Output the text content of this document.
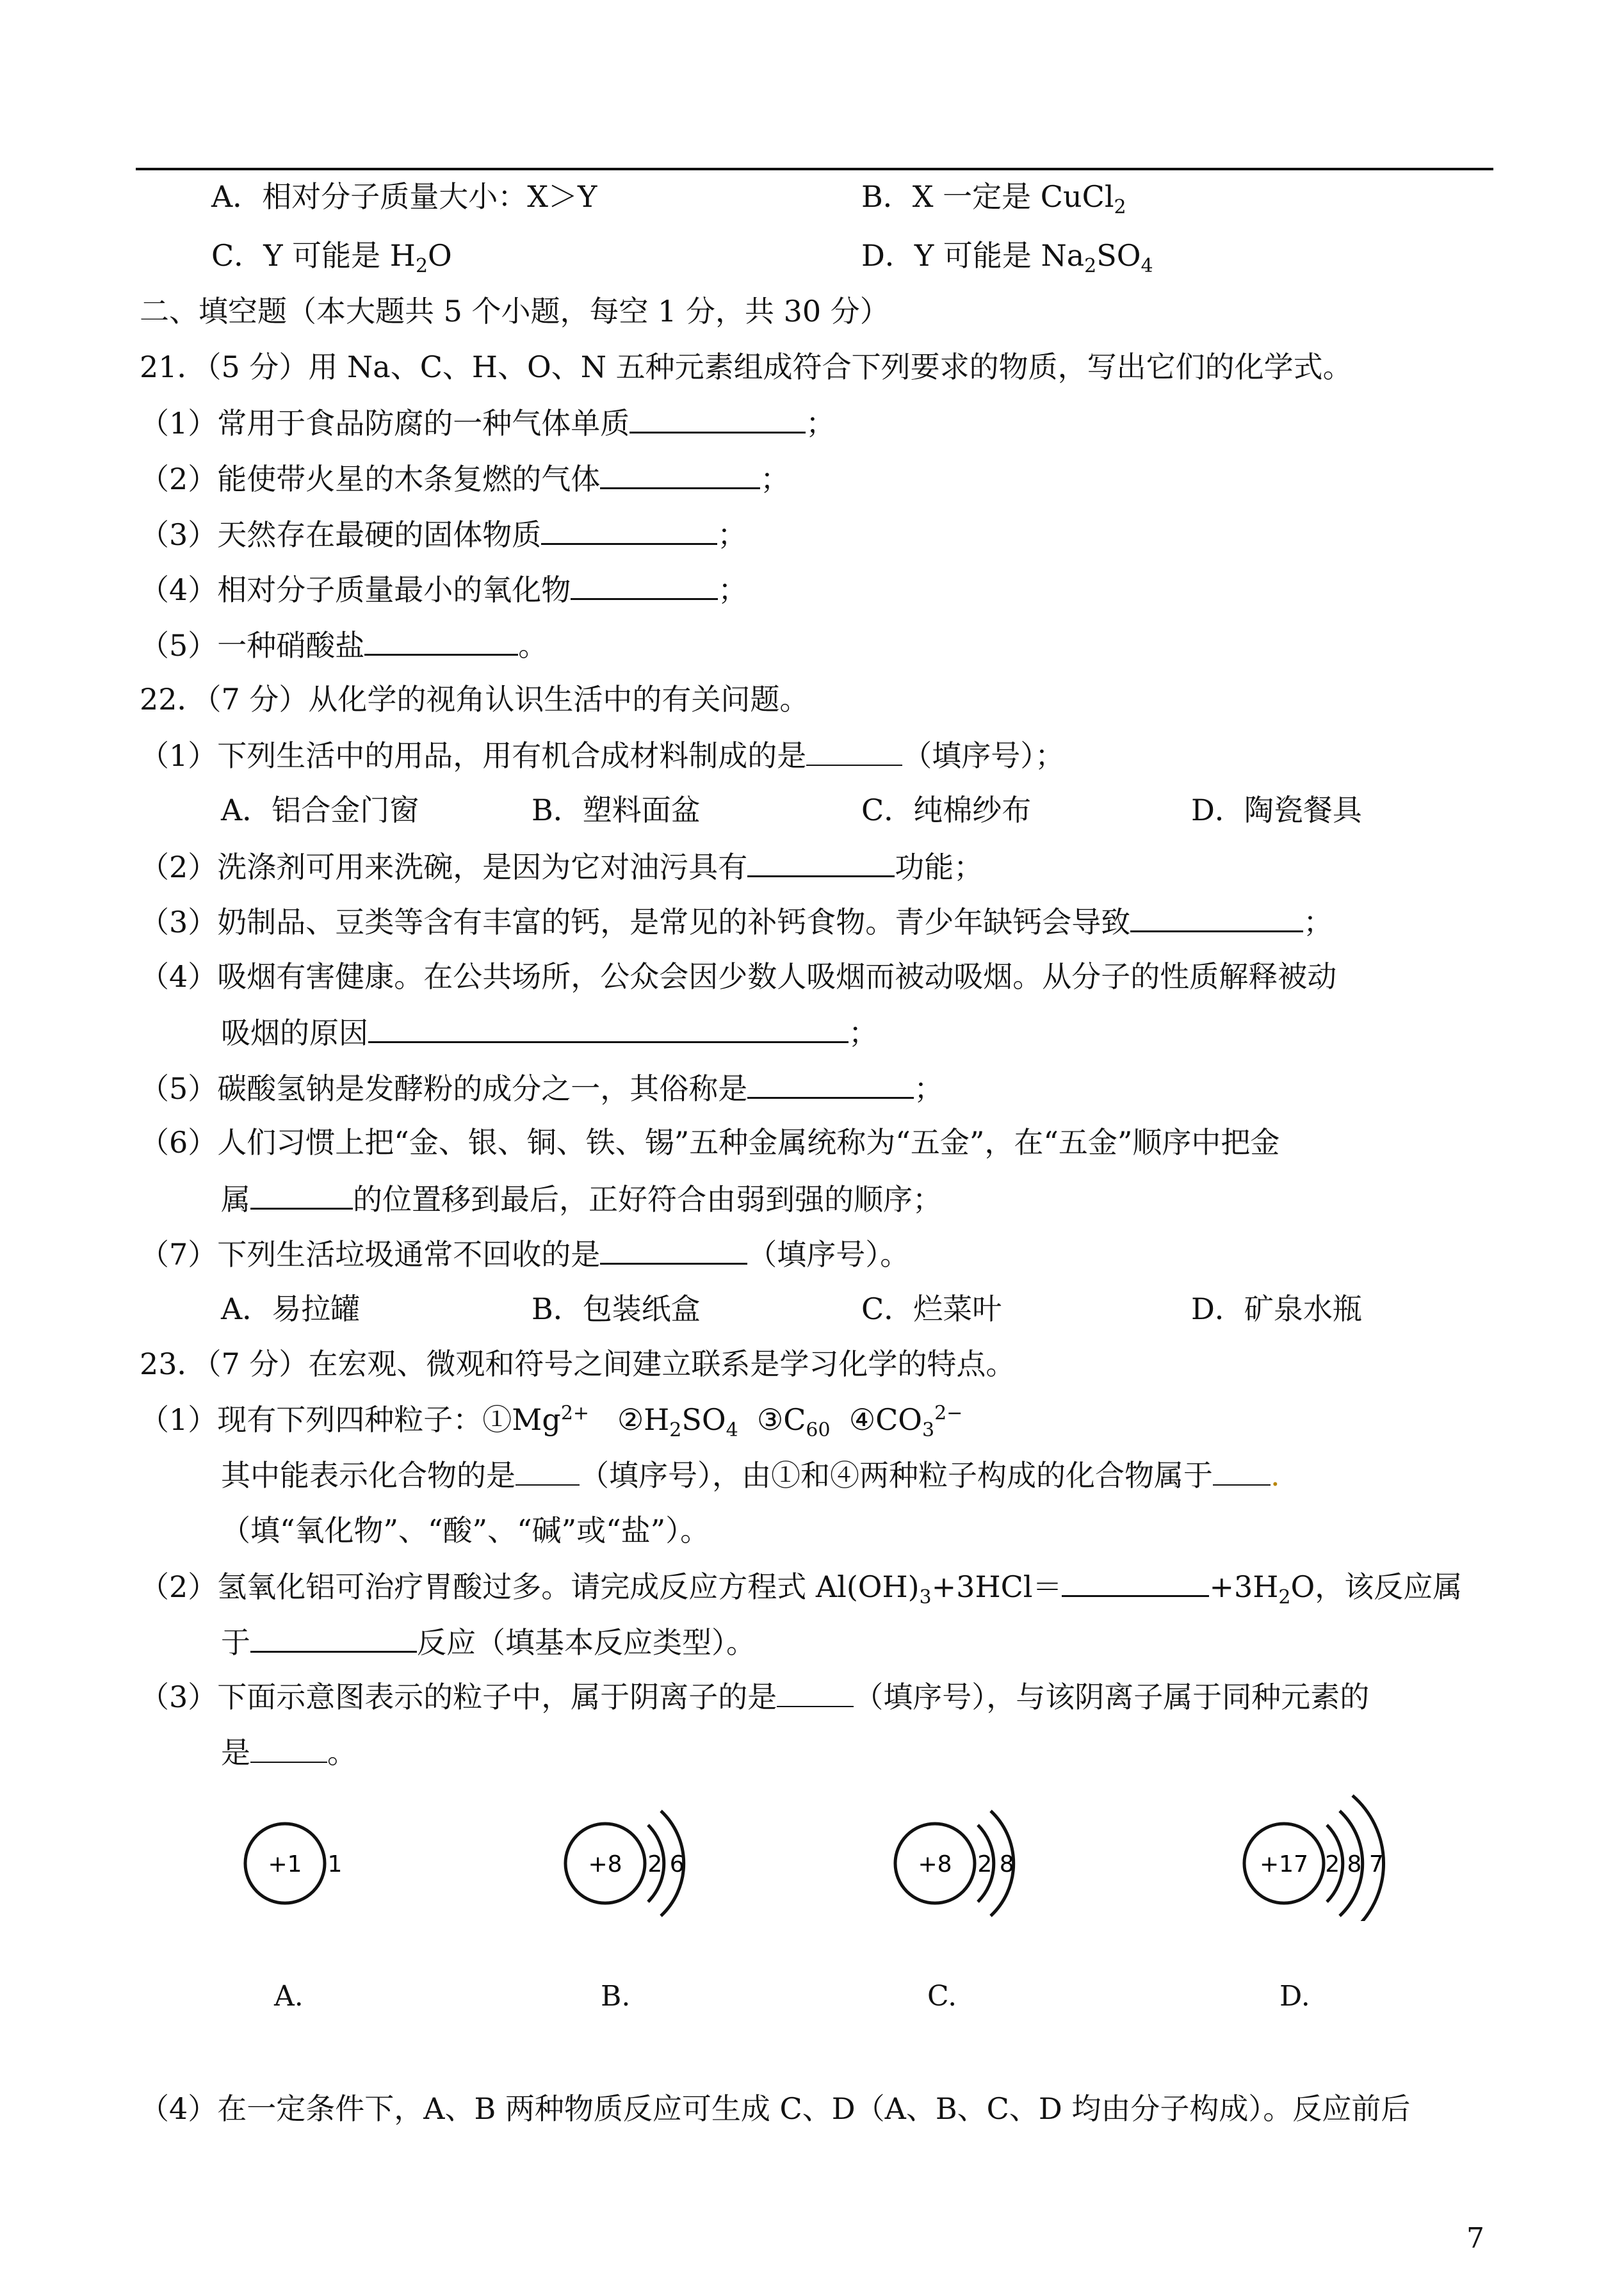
A．相对分子质量大小：X＞Y	B．X 一定是 CuCl$_2$
C．Y 可能是 $H_2O$	D．Y 可能是 $Na_2SO_4$
二、填空题（本大题共 5 个小题，每空 1 分，共 30 分）
21．（5 分）用 Na、C、H、O、N 五种元素组成符合下列要求的物质，写出它们的化学式。
（1）常用于食品防腐的一种气体单质	；
（2）能使带火星的木条复燃的气体	；
（3）天然存在最硬的固体物质	；
（4）相对分子质量最小的氧化物	；
（5）一种硝酸盐	。
22．（7 分）从化学的视角认识生活中的有关问题。
（1）下列生活中的用品，用有机合成材料制成的是	（填序号）；
A．铝合金门窗	B．塑料面盆	C．纯棉纱布	D．陶瓷餐具
（2）洗涤剂可用来洗碗，是因为它对油污具有	功能；
（3）奶制品、豆类等含有丰富的钙，是常见的补钙食物。青少年缺钙会导致	；
（4）吸烟有害健康。在公共场所，公众会因少数人吸烟而被动吸烟。从分子的性质解释被动
吸烟的原因	；
（5）碳酸氢钠是发酵粉的成分之一，其俗称是	；
（6）人们习惯上把“金、银、铜、铁、锡”五种金属统称为“五金”，在“五金”顺序中把金
属	的位置移到最后，正好符合由弱到强的顺序；
（7）下列生活垃圾通常不回收的是	（填序号）。
A．易拉罐	B．包装纸盒	C．烂菜叶	D．矿泉水瓶
23．（7 分）在宏观、微观和符号之间建立联系是学习化学的特点。
（1）现有下列四种粒子：$①Mg^{2+}$ $②H_2SO_4$ $③C_{60}$ $④CO_3^{2-}$
其中能表示化合物的是 （填序号），由①和④两种粒子构成的化合物属于 .
（填“氧化物”、“酸”、“碱”或“盐”）。
（2）氢氧化铝可治疗胃酸过多。请完成反应方程式 $Al(OH)_3+3HCl=$	$+3H_2O$，该反应属
于	反应（填基本反应类型）。
（3）下面示意图表示的粒子中，属于阴离子的是	（填序号），与该阴离子属于同种元素的
是	。
+1 1	+8 2 6	+8 2 8	+17 2 8 7
A.	B.	C.	D.
（4）在一定条件下，A、B 两种物质反应可生成 C、D（A、B、C、D 均由分子构成）。反应前后
7
